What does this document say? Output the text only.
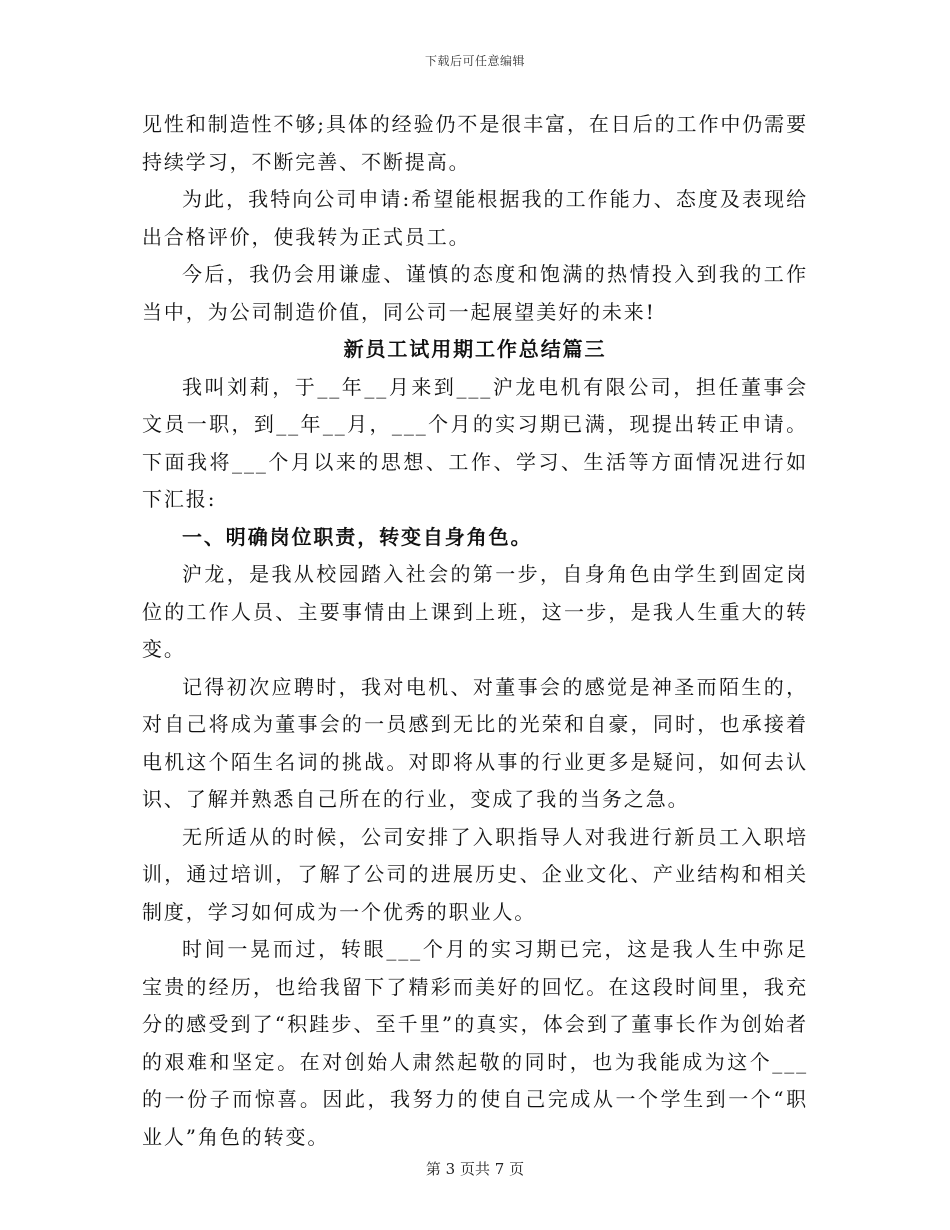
下载后可任意编辑

见性和制造性不够;具体的经验仍不是很丰富，在日后的工作中仍需要持续学习，不断完善、不断提高。

为此，我特向公司申请:希望能根据我的工作能力、态度及表现给出合格评价，使我转为正式员工。

今后，我仍会用谦虚、谨慎的态度和饱满的热情投入到我的工作当中，为公司制造价值，同公司一起展望美好的未来!

新员工试用期工作总结篇三

我叫刘莉，于__年__月来到___沪龙电机有限公司，担任董事会文员一职，到__年__月，___个月的实习期已满，现提出转正申请。下面我将___个月以来的思想、工作、学习、生活等方面情况进行如下汇报:

一、明确岗位职责，转变自身角色。

沪龙，是我从校园踏入社会的第一步，自身角色由学生到固定岗位的工作人员、主要事情由上课到上班，这一步，是我人生重大的转变。

记得初次应聘时，我对电机、对董事会的感觉是神圣而陌生的，对自己将成为董事会的一员感到无比的光荣和自豪，同时，也承接着电机这个陌生名词的挑战。对即将从事的行业更多是疑问，如何去认识、了解并熟悉自己所在的行业，变成了我的当务之急。

无所适从的时候，公司安排了入职指导人对我进行新员工入职培训，通过培训，了解了公司的进展历史、企业文化、产业结构和相关制度，学习如何成为一个优秀的职业人。

时间一晃而过，转眼___个月的实习期已完，这是我人生中弥足宝贵的经历，也给我留下了精彩而美好的回忆。在这段时间里，我充分的感受到了“积跬步、至千里”的真实，体会到了董事长作为创始者的艰难和坚定。在对创始人肃然起敬的同时，也为我能成为这个___的一份子而惊喜。因此，我努力的使自己完成从一个学生到一个“职业人”角色的转变。

第 3 页共 7 页
